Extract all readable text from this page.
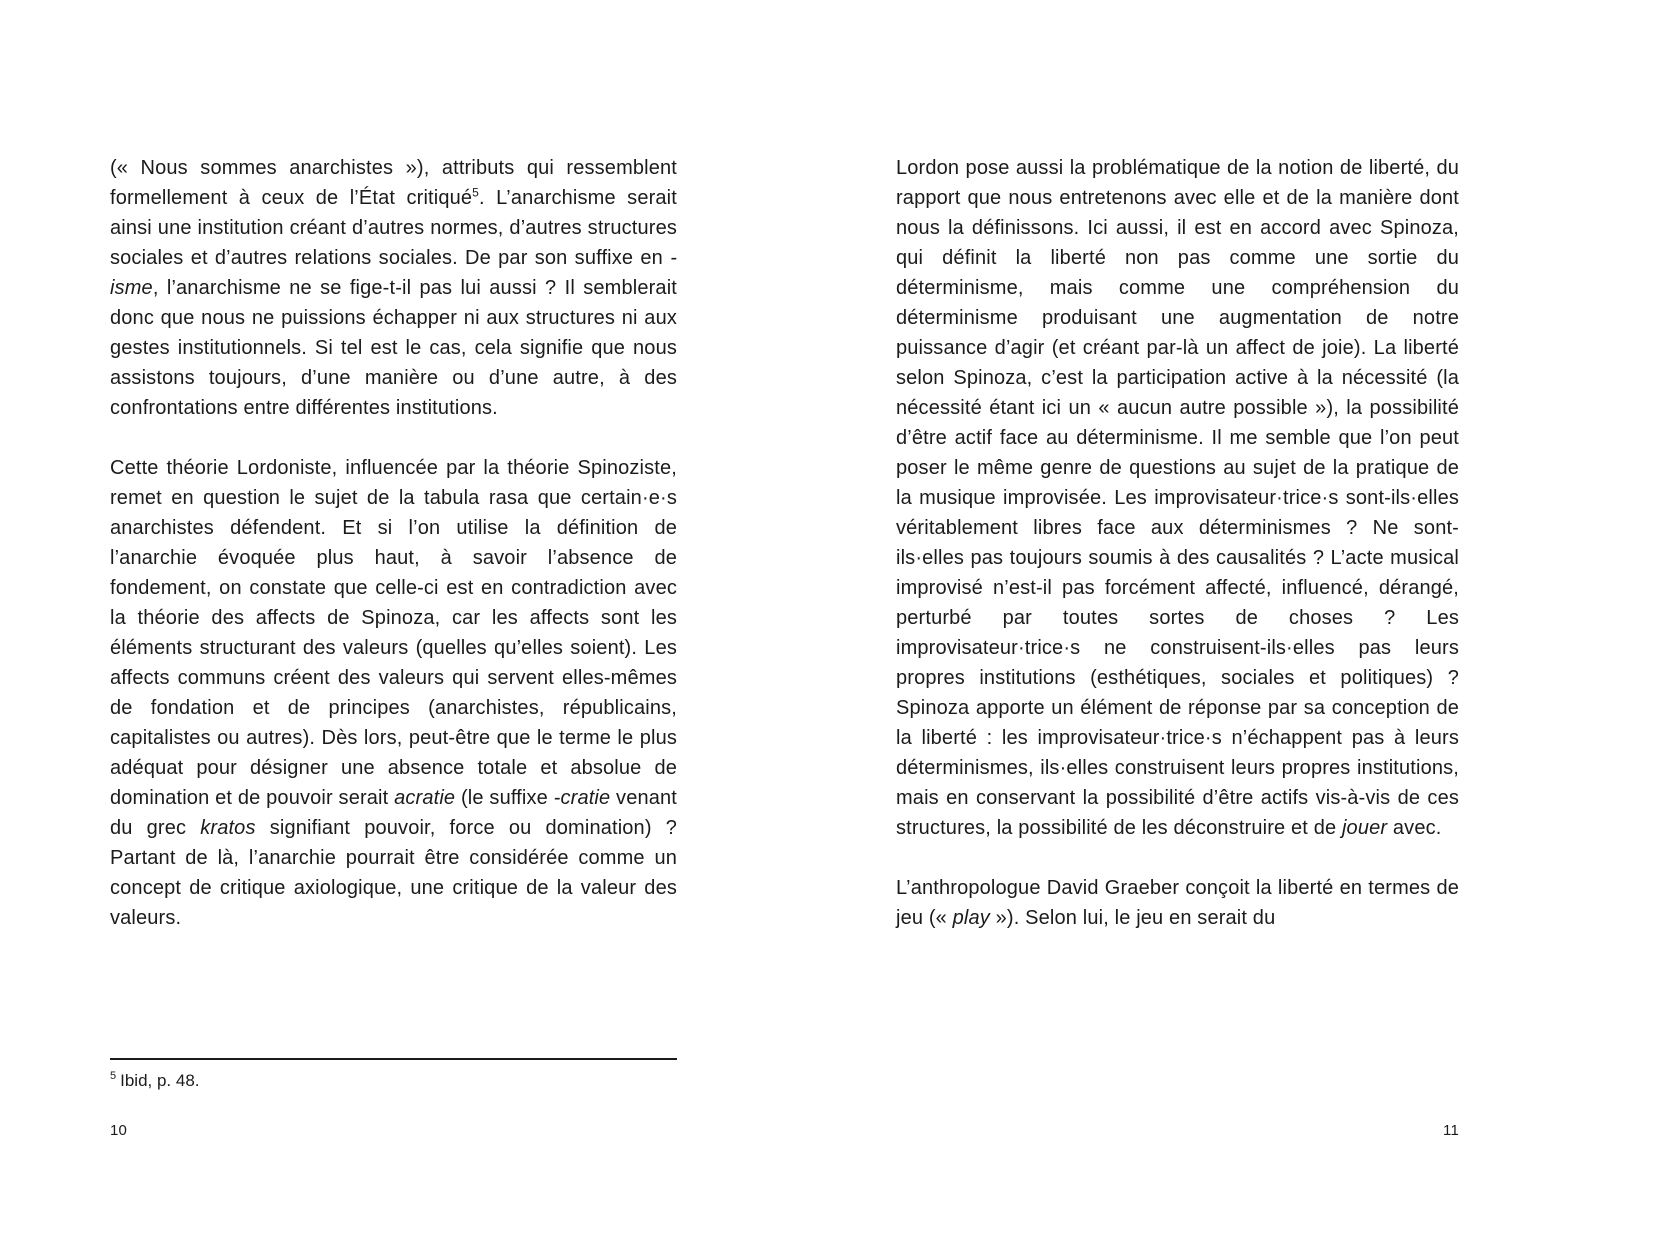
(« Nous sommes anarchistes »), attributs qui ressemblent formellement à ceux de l’État critiqué$^5$. L’anarchisme serait ainsi une institution créant d’autres normes, d’autres structures sociales et d’autres relations sociales. De par son suffixe en -isme, l’anarchisme ne se fige-t-il pas lui aussi ? Il semblerait donc que nous ne puissions échapper ni aux structures ni aux gestes institutionnels. Si tel est le cas, cela signifie que nous assistons toujours, d’une manière ou d’une autre, à des confrontations entre différentes institutions.

Cette théorie Lordoniste, influencée par la théorie Spinoziste, remet en question le sujet de la tabula rasa que certain·e·s anarchistes défendent. Et si l’on utilise la définition de l’anarchie évoquée plus haut, à savoir l’absence de fondement, on constate que celle-ci est en contradiction avec la théorie des affects de Spinoza, car les affects sont les éléments structurant des valeurs (quelles qu’elles soient). Les affects communs créent des valeurs qui servent elles-mêmes de fondation et de principes (anarchistes, républicains, capitalistes ou autres). Dès lors, peut-être que le terme le plus adéquat pour désigner une absence totale et absolue de domination et de pouvoir serait acratie (le suffixe -cratie venant du grec kratos signifiant pouvoir, force ou domination) ? Partant de là, l’anarchie pourrait être considérée comme un concept de critique axiologique, une critique de la valeur des valeurs.

$^5$ Ibid, p. 48.

10

Lordon pose aussi la problématique de la notion de liberté, du rapport que nous entretenons avec elle et de la manière dont nous la définissons. Ici aussi, il est en accord avec Spinoza, qui définit la liberté non pas comme une sortie du déterminisme, mais comme une compréhension du déterminisme produisant une augmentation de notre puissance d’agir (et créant par-là un affect de joie). La liberté selon Spinoza, c’est la participation active à la nécessité (la nécessité étant ici un « aucun autre possible »), la possibilité d’être actif face au déterminisme. Il me semble que l’on peut poser le même genre de questions au sujet de la pratique de la musique improvisée. Les improvisateur·trice·s sont-ils·elles véritablement libres face aux déterminismes ? Ne sont-ils·elles pas toujours soumis à des causalités ? L’acte musical improvisé n’est-il pas forcément affecté, influencé, dérangé, perturbé par toutes sortes de choses ? Les improvisateur·trice·s ne construisent-ils·elles pas leurs propres institutions (esthétiques, sociales et politiques) ? Spinoza apporte un élément de réponse par sa conception de la liberté : les improvisateur·trice·s n’échappent pas à leurs déterminismes, ils·elles construisent leurs propres institutions, mais en conservant la possibilité d’être actifs vis-à-vis de ces structures, la possibilité de les déconstruire et de jouer avec.

L’anthropologue David Graeber conçoit la liberté en termes de jeu (« play »). Selon lui, le jeu en serait du

11
